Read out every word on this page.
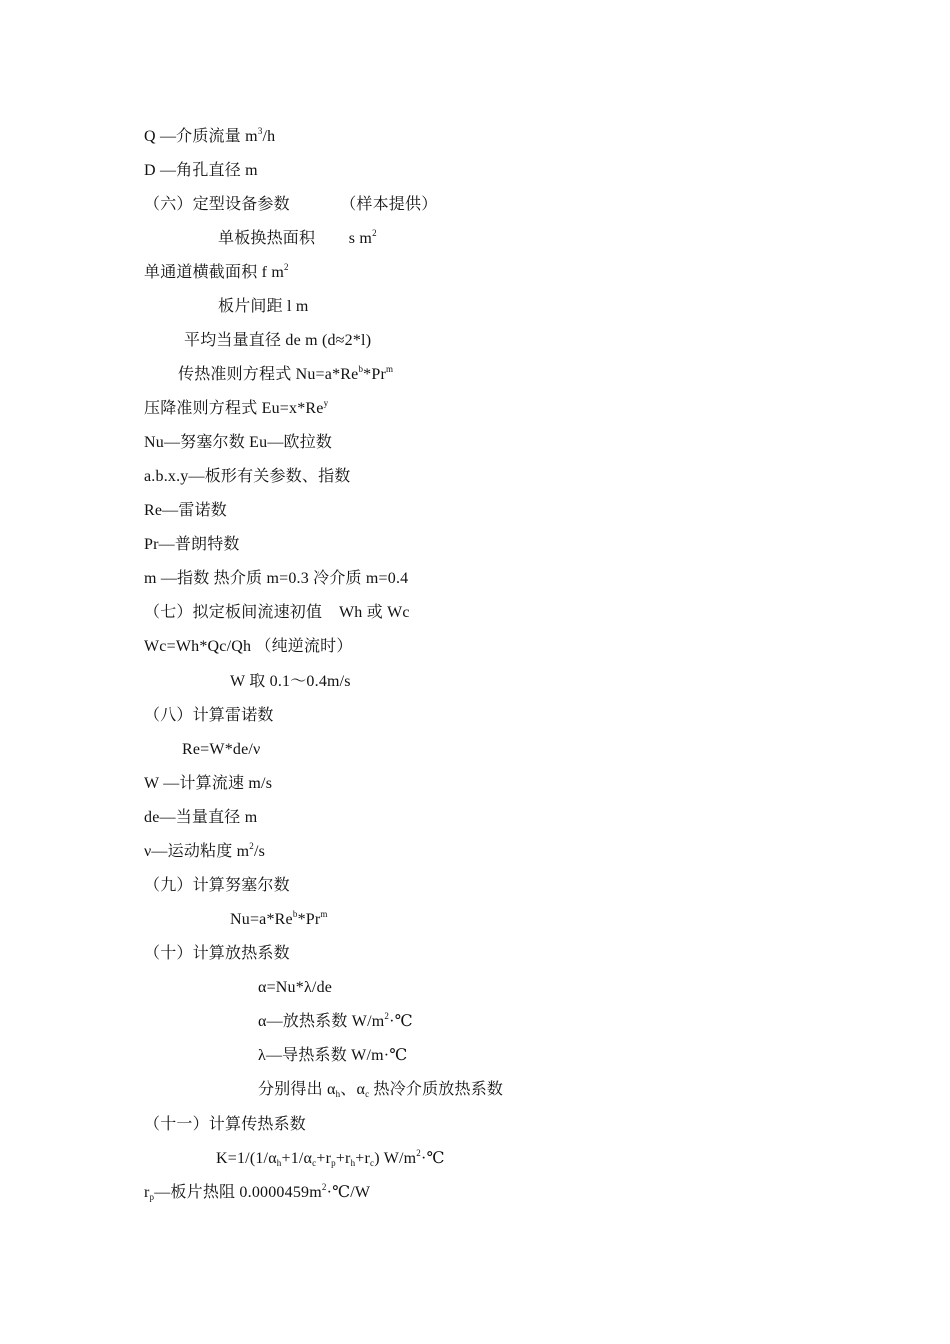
Q —介质流量 $m^3/h$
D —角孔直径 m
（六）定型设备参数            （样本提供）
单板换热面积        s $m^2$
单通道横截面积 f $m^2$
板片间距 l m
平均当量直径 de m (d≈2*l)
传热准则方程式 $Nu=a*Re^b*Pr^m$
压降准则方程式 $Eu=x*Re^y$
Nu—努塞尔数 Eu—欧拉数
a.b.x.y—板形有关参数、指数
Re—雷诺数
Pr—普朗特数
m —指数 热介质 m=0.3 冷介质 m=0.4
（七）拟定板间流速初值    Wh 或 Wc
Wc=Wh*Qc/Qh （纯逆流时）
W 取 0.1～0.4m/s
（八）计算雷诺数
Re=W*de/ν
W —计算流速 m/s
de—当量直径 m
ν—运动粘度 $m^2/s$
（九）计算努塞尔数
$Nu=a*Re^b*Pr^m$
（十）计算放热系数
α=Nu*λ/de
α—放热系数 $W/m^2\cdot℃$
λ—导热系数 W/m·℃
分别得出 $\alpha_h$、$\alpha_c$ 热冷介质放热系数
（十一）计算传热系数
$K=1/(1/\alpha_h+1/\alpha_c+r_p+r_h+r_c)$ $W/m^2\cdot℃$
$r_p—$板片热阻 $0.0000459m^2\cdot℃/W$
